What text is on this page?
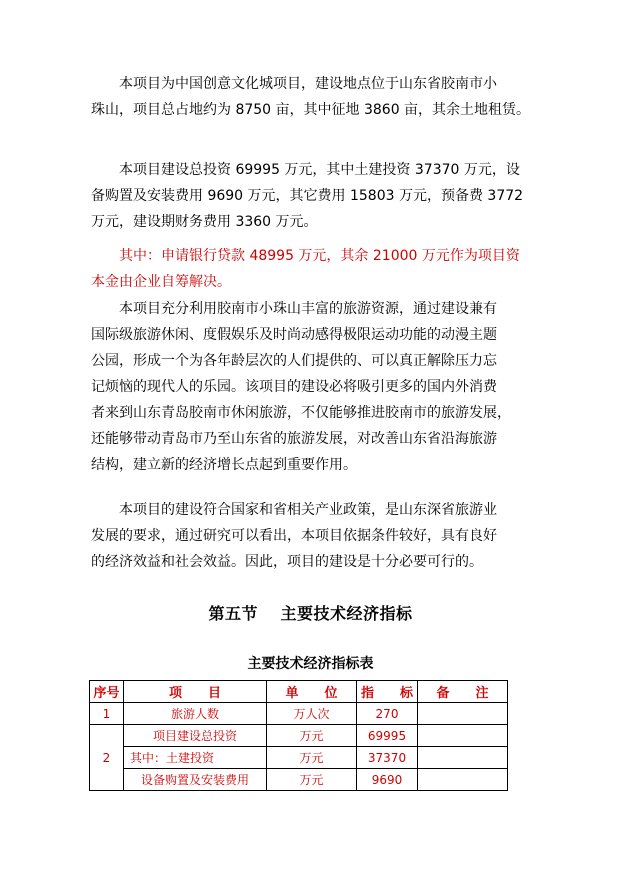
　　本项目为中国创意文化城项目，建设地点位于山东省胶南市小
珠山，项目总占地约为 8750 亩，其中征地 3860 亩，其余土地租赁。
　　本项目建设总投资 69995 万元，其中土建投资 37370 万元，设
备购置及安装费用 9690 万元，其它费用 15803 万元，预备费 3772
万元，建设期财务费用 3360 万元。
　　其中：申请银行贷款 48995 万元，其余 21000 万元作为项目资
本金由企业自筹解决。
　　本项目充分利用胶南市小珠山丰富的旅游资源，通过建设兼有
国际级旅游休闲、度假娱乐及时尚动感得极限运动功能的动漫主题
公园，形成一个为各年龄层次的人们提供的、可以真正解除压力忘
记烦恼的现代人的乐园。该项目的建设必将吸引更多的国内外消费
者来到山东青岛胶南市休闲旅游，不仅能够推进胶南市的旅游发展，
还能够带动青岛市乃至山东省的旅游发展，对改善山东省沿海旅游
结构，建立新的经济增长点起到重要作用。
　　本项目的建设符合国家和省相关产业政策，是山东深省旅游业
发展的要求，通过研究可以看出，本项目依据条件较好，具有良好
的经济效益和社会效益。因此，项目的建设是十分必要可行的。
第五节　 主要技术经济指标
主要技术经济指标表
序号	项　　目	单　　位	指　　标	备　　注
1	旅游人数	万人次	270	
2	项目建设总投资	万元	69995	
	其中：土建投资	万元	37370	
	设备购置及安装费用	万元	9690	
